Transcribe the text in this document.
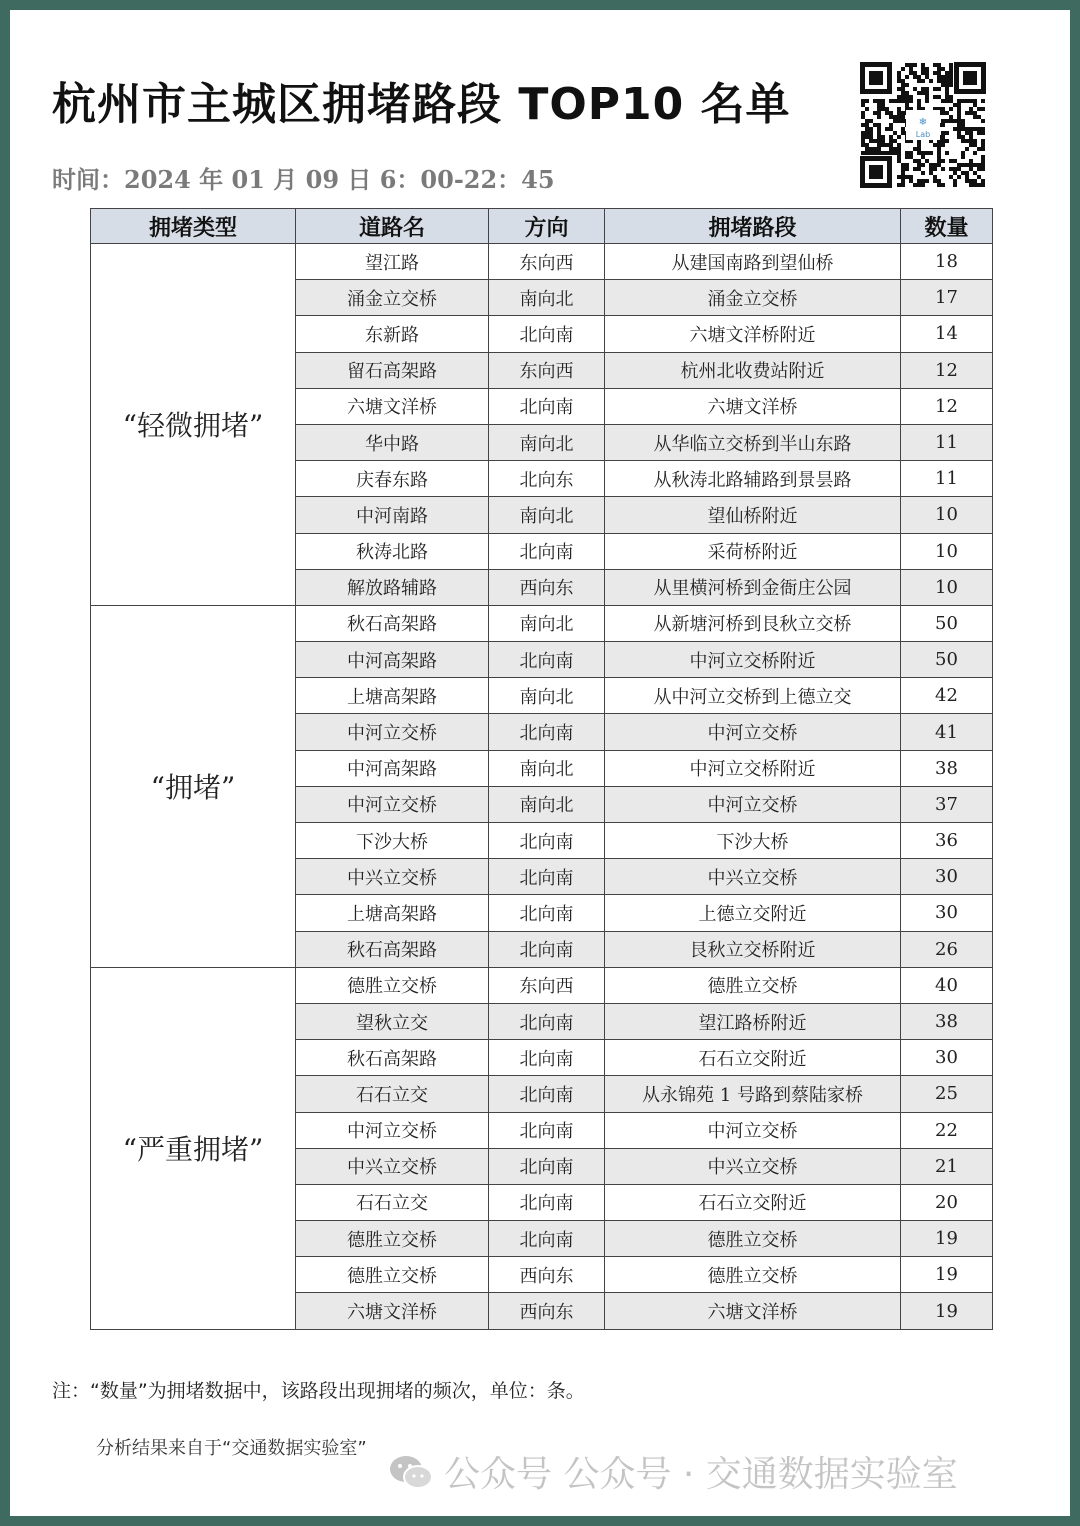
杭州市主城区拥堵路段 TOP10 名单
时间：2024 年 01 月 09 日 6：00-22：45
❄
Lab
拥堵类型	道路名	方向	拥堵路段	数量
“轻微拥堵”	望江路	东向西	从建国南路到望仙桥	18
	涌金立交桥	南向北	涌金立交桥	17
	东新路	北向南	六塘文洋桥附近	14
	留石高架路	东向西	杭州北收费站附近	12
	六塘文洋桥	北向南	六塘文洋桥	12
	华中路	南向北	从华临立交桥到半山东路	11
	庆春东路	北向东	从秋涛北路辅路到景昙路	11
	中河南路	南向北	望仙桥附近	10
	秋涛北路	北向南	采荷桥附近	10
	解放路辅路	西向东	从里横河桥到金衙庄公园	10
“拥堵”	秋石高架路	南向北	从新塘河桥到艮秋立交桥	50
	中河高架路	北向南	中河立交桥附近	50
	上塘高架路	南向北	从中河立交桥到上德立交	42
	中河立交桥	北向南	中河立交桥	41
	中河高架路	南向北	中河立交桥附近	38
	中河立交桥	南向北	中河立交桥	37
	下沙大桥	北向南	下沙大桥	36
	中兴立交桥	北向南	中兴立交桥	30
	上塘高架路	北向南	上德立交附近	30
	秋石高架路	北向南	艮秋立交桥附近	26
“严重拥堵”	德胜立交桥	东向西	德胜立交桥	40
	望秋立交	北向南	望江路桥附近	38
	秋石高架路	北向南	石石立交附近	30
	石石立交	北向南	从永锦苑 1 号路到蔡陆家桥	25
	中河立交桥	北向南	中河立交桥	22
	中兴立交桥	北向南	中兴立交桥	21
	石石立交	北向南	石石立交附近	20
	德胜立交桥	北向南	德胜立交桥	19
	德胜立交桥	西向东	德胜立交桥	19
	六塘文洋桥	西向东	六塘文洋桥	19
注：“数量”为拥堵数据中，该路段出现拥堵的频次，单位：条。
分析结果来自于“交通数据实验室”
公众号 公众号 · 交通数据实验室
